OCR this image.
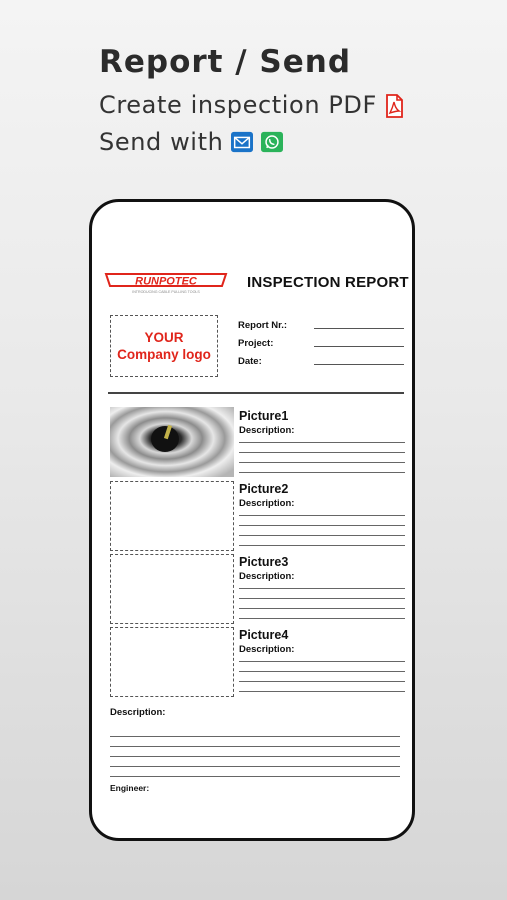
Report / Send
Create inspection PDF
Send with
RUNPOTEC
INTRODUCING CABLE PULLING TOOLS
INSPECTION REPORT
YOUR
Company logo
Report Nr.:
Project:
Date:
Picture1
Description:
Picture2
Description:
Picture3
Description:
Picture4
Description:
Description:
Engineer:
